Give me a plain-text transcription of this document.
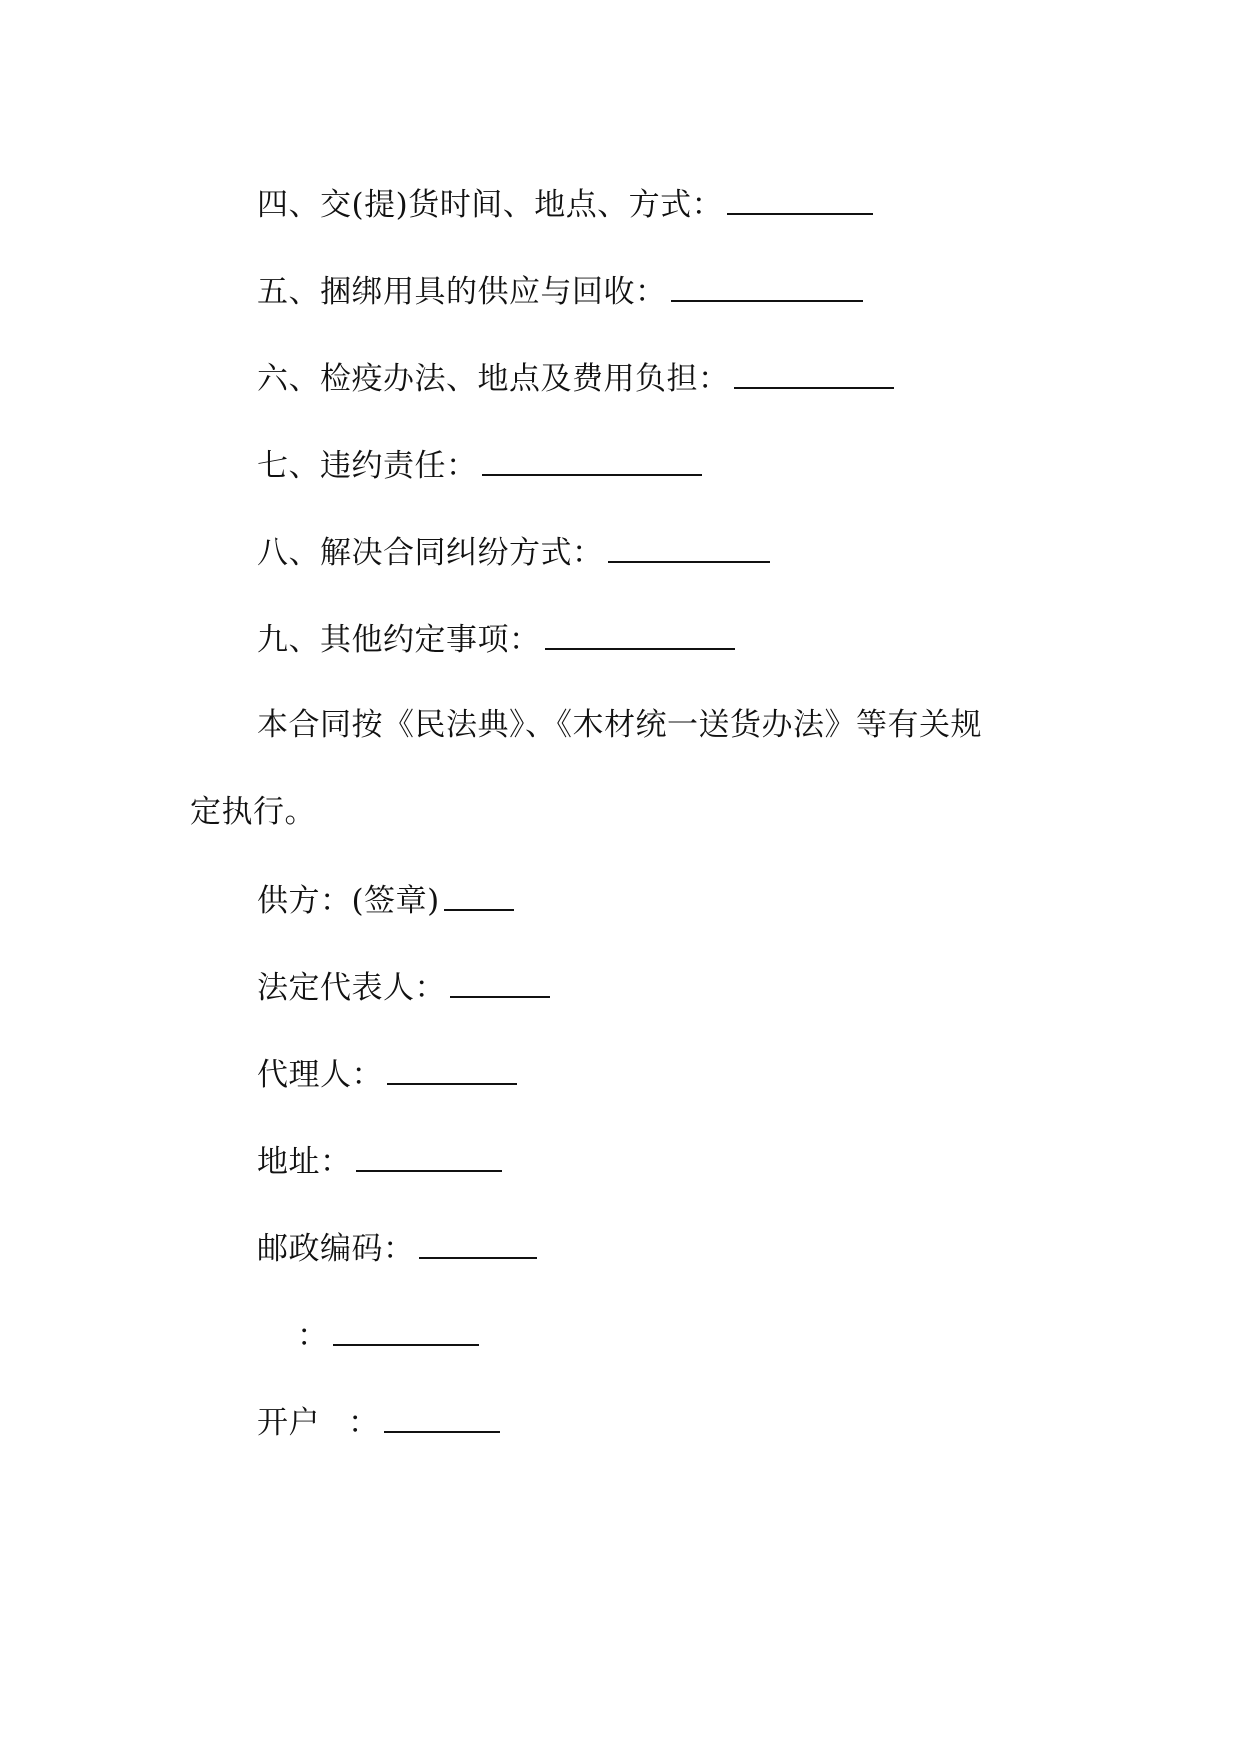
四、交(提)货时间、地点、方式：
五、捆绑用具的供应与回收：
六、检疫办法、地点及费用负担：
七、违约责任：
八、解决合同纠纷方式：
九、其他约定事项：
本合同按《民法典》、《木材统一送货办法》等有关规
定执行。
供方：(签章)
法定代表人：
代理人：
地址：
邮政编码：
：
开户 ：
